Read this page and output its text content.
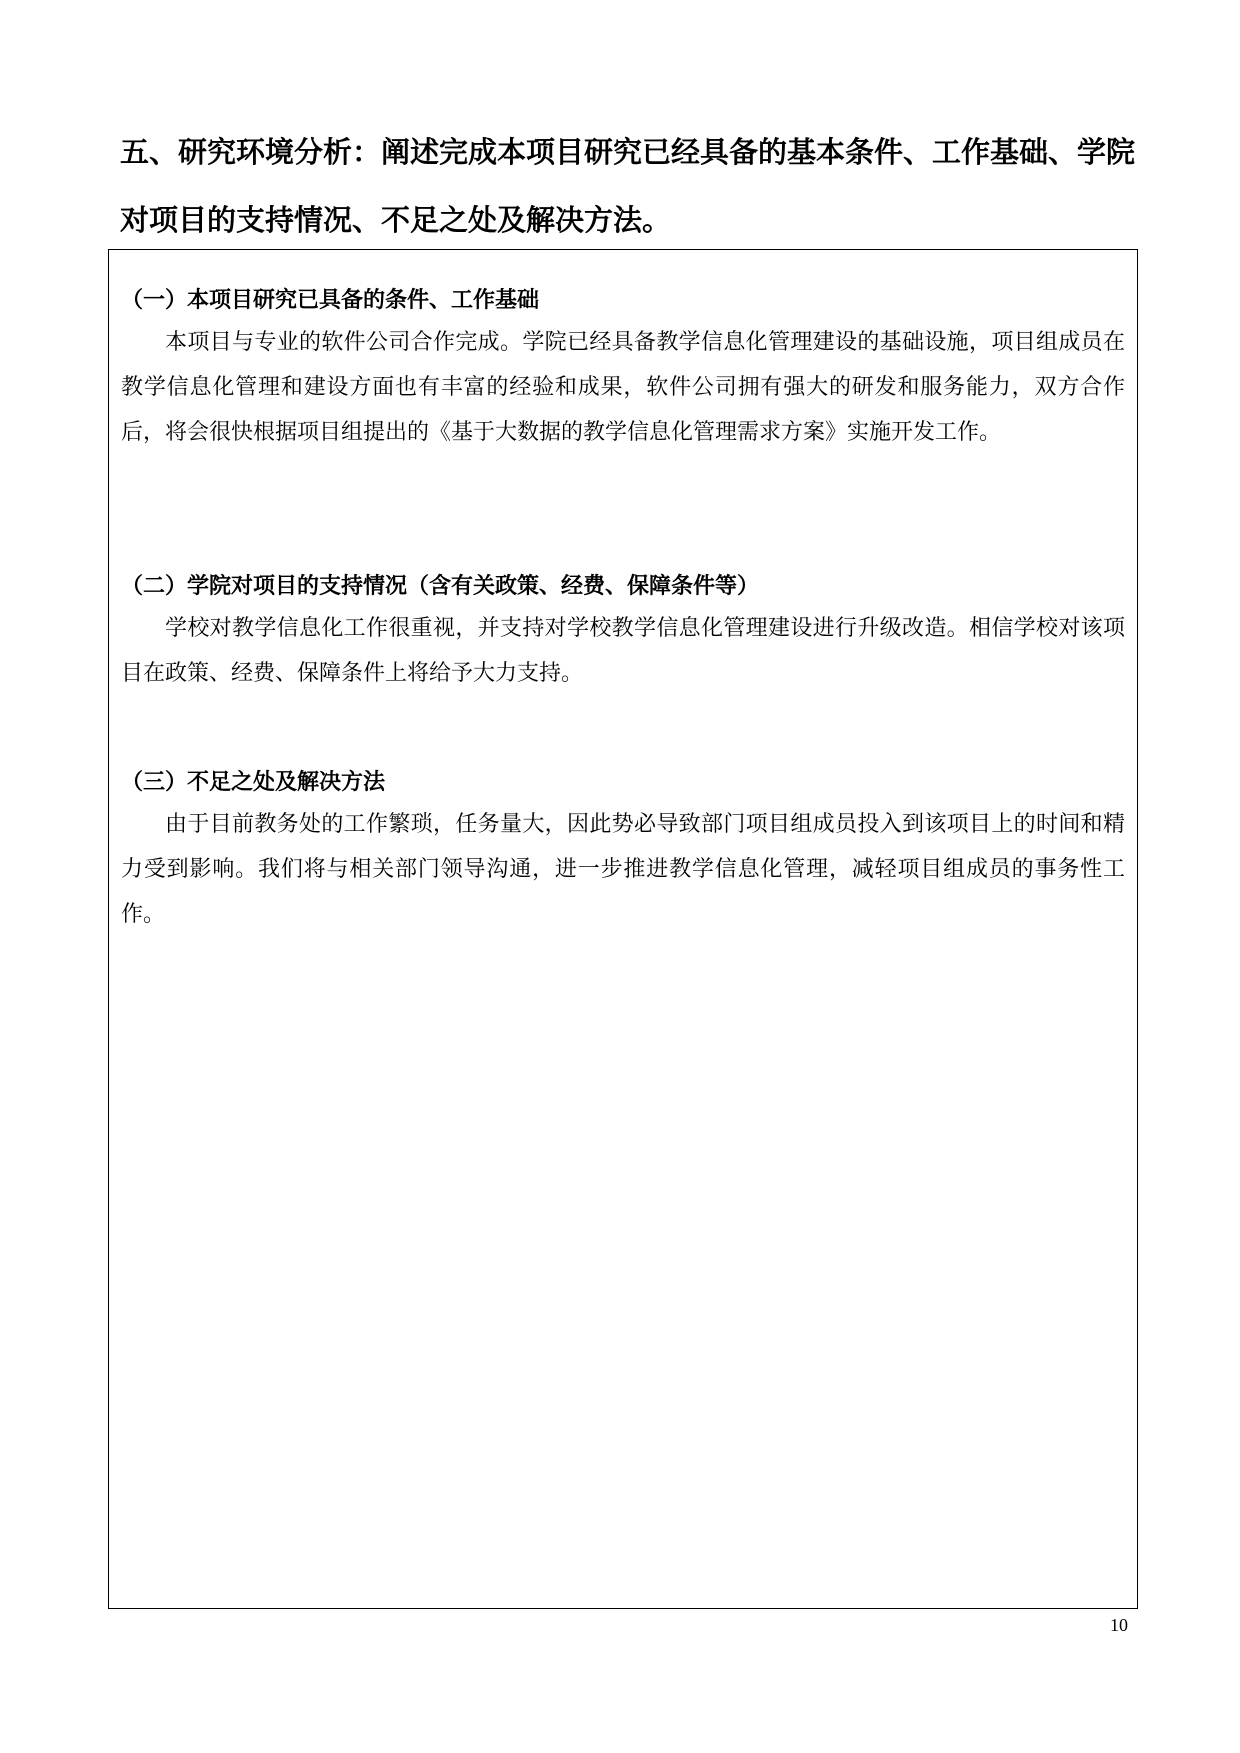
五、研究环境分析：阐述完成本项目研究已经具备的基本条件、工作基础、学院对项目的支持情况、不足之处及解决方法。

（一）本项目研究已具备的条件、工作基础

本项目与专业的软件公司合作完成。学院已经具备教学信息化管理建设的基础设施，项目组成员在教学信息化管理和建设方面也有丰富的经验和成果，软件公司拥有强大的研发和服务能力，双方合作后，将会很快根据项目组提出的《基于大数据的教学信息化管理需求方案》实施开发工作。

（二）学院对项目的支持情况（含有关政策、经费、保障条件等）

学校对教学信息化工作很重视，并支持对学校教学信息化管理建设进行升级改造。相信学校对该项目在政策、经费、保障条件上将给予大力支持。

（三）不足之处及解决方法

由于目前教务处的工作繁琐，任务量大，因此势必导致部门项目组成员投入到该项目上的时间和精力受到影响。我们将与相关部门领导沟通，进一步推进教学信息化管理，减轻项目组成员的事务性工作。

10
